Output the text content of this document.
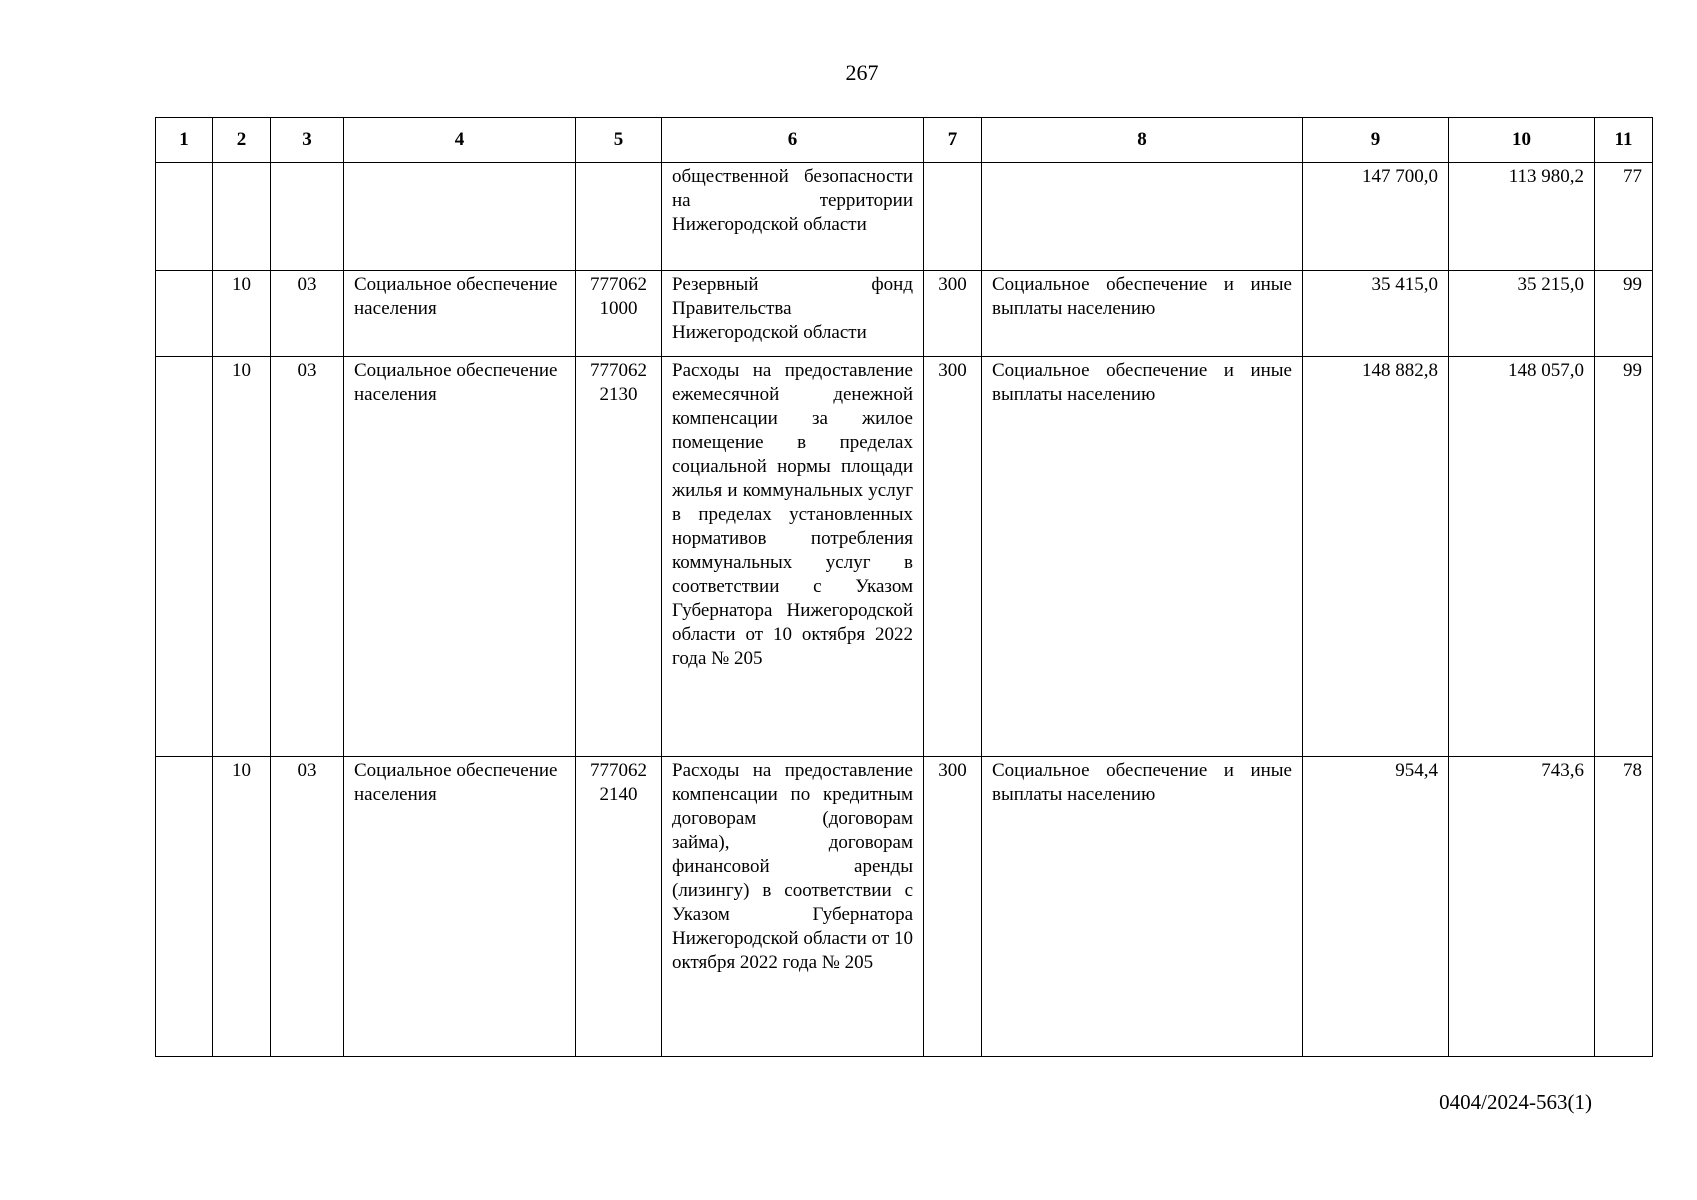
267
1	2	3	4	5	6	7	8	9	10	11
					общественной безопасности на территории Нижегородской области			147 700,0	113 980,2	77
	10	03	Социальное обеспечение населения	777062 1000	Резервный фонд Правительства Нижегородской области	300	Социальное обеспечение и иные выплаты населению	35 415,0	35 215,0	99
	10	03	Социальное обеспечение населения	777062 2130	Расходы на предоставление ежемесячной денежной компенсации за жилое помещение в пределах социальной нормы площади жилья и коммунальных услуг в пределах установленных нормативов потребления коммунальных услуг в соответствии с Указом Губернатора Нижегородской области от 10 октября 2022 года № 205	300	Социальное обеспечение и иные выплаты населению	148 882,8	148 057,0	99
	10	03	Социальное обеспечение населения	777062 2140	Расходы на предоставление компенсации по кредитным договорам (договорам займа), договорам финансовой аренды (лизингу) в соответствии с Указом Губернатора Нижегородской области от 10 октября 2022 года № 205	300	Социальное обеспечение и иные выплаты населению	954,4	743,6	78
0404/2024-563(1)
